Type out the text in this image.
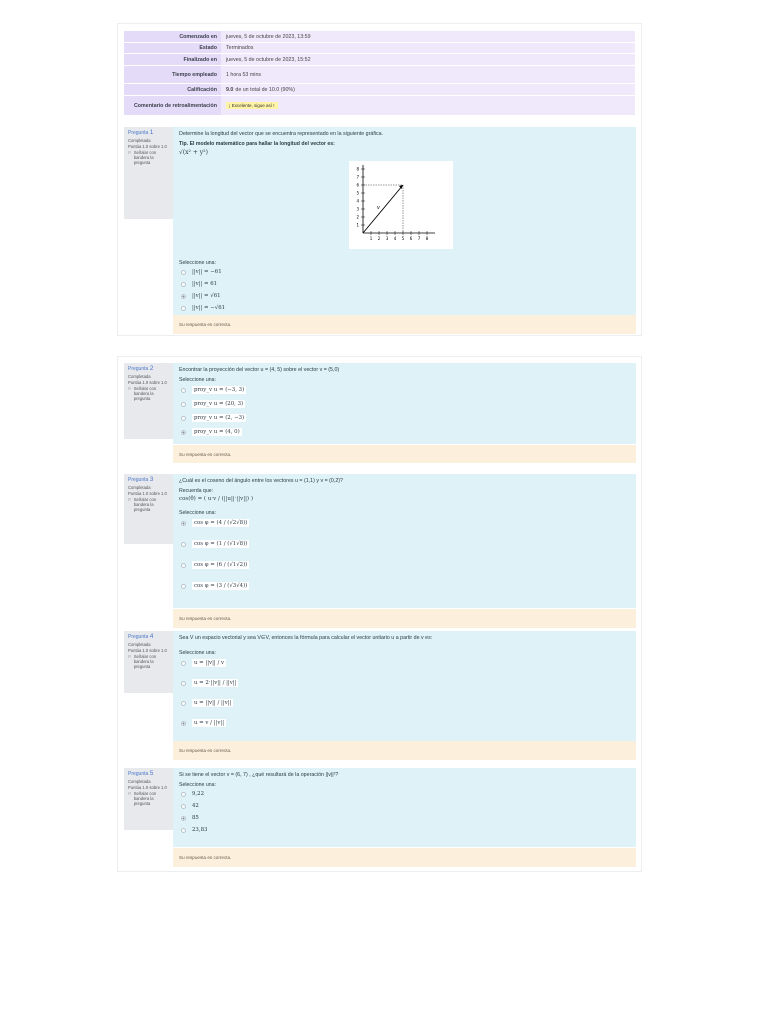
Comenzado en	jueves, 5 de octubre de 2023, 13:59
Estado	Terminados
Finalizado en	jueves, 5 de octubre de 2023, 15:52
Tiempo empleado	1 hora 53 mins
Calificación	9.0 de un total de 10.0 (90%)
Comentario de retroalimentación	¡ Excelente, sigue así !
Pregunta 1
Completada
Puntúa 1.0 sobre 1.0
⚐ Señalar con bandera la pregunta
Determine la longitud del vector que se encuentra representado en la siguiente gráfica.
Tip. El modelo matemático para hallar la longitud del vector es:
√(x² + y²)
8
7
6
5
4
3
2
1
1 2 3 4 5 6 7 8
v
Seleccione una:
||v|| = −61
||v|| = 61
||v|| = √61
||v|| = −√61
Su respuesta es correcta.
Pregunta 2
Completada
Puntúa 1.0 sobre 1.0
⚐ Señalar con bandera la pregunta
Encontrar la proyección del vector u = (4, 5) sobre el vector v = (5,0)
Seleccione una:
proy_v u = (−3, 3)
proy_v u = (20, 3)
proy_v u = (2, −3)
proy_v u = (4, 0)
Su respuesta es correcta.
Pregunta 3
Completada
Puntúa 1.0 sobre 1.0
⚐ Señalar con bandera la pregunta
¿Cuál es el coseno del ángulo entre los vectores u = (1,1) y v = (0,2)?
Recuerda que:
cos(θ) = ( u·v / (||u||·||v||) )
Seleccione una:
cos φ = (4 / (√2√8))
cos φ = (1 / (√1√8))
cos φ = (6 / (√1√2))
cos φ = (3 / (√3√4))
Su respuesta es correcta.
Pregunta 4
Completada
Puntúa 1.0 sobre 1.0
⚐ Señalar con bandera la pregunta
Sea V un espacio vectorial y sea V∈V, entonces la fórmula para calcular el vector unitario u a partir de v es:
Seleccione una:
u = ||v|| / v
u = 2·||v|| / ||v||
u = ||v|| / ||v||
u = v / ||v||
Su respuesta es correcta.
Pregunta 5
Completada
Puntúa 1.0 sobre 1.0
⚐ Señalar con bandera la pregunta
Si se tiene el vector v = (6, 7) , ¿qué resultará de la operación ||v||²?
Seleccione una:
9,22
42
85
23,83
Su respuesta es correcta.
